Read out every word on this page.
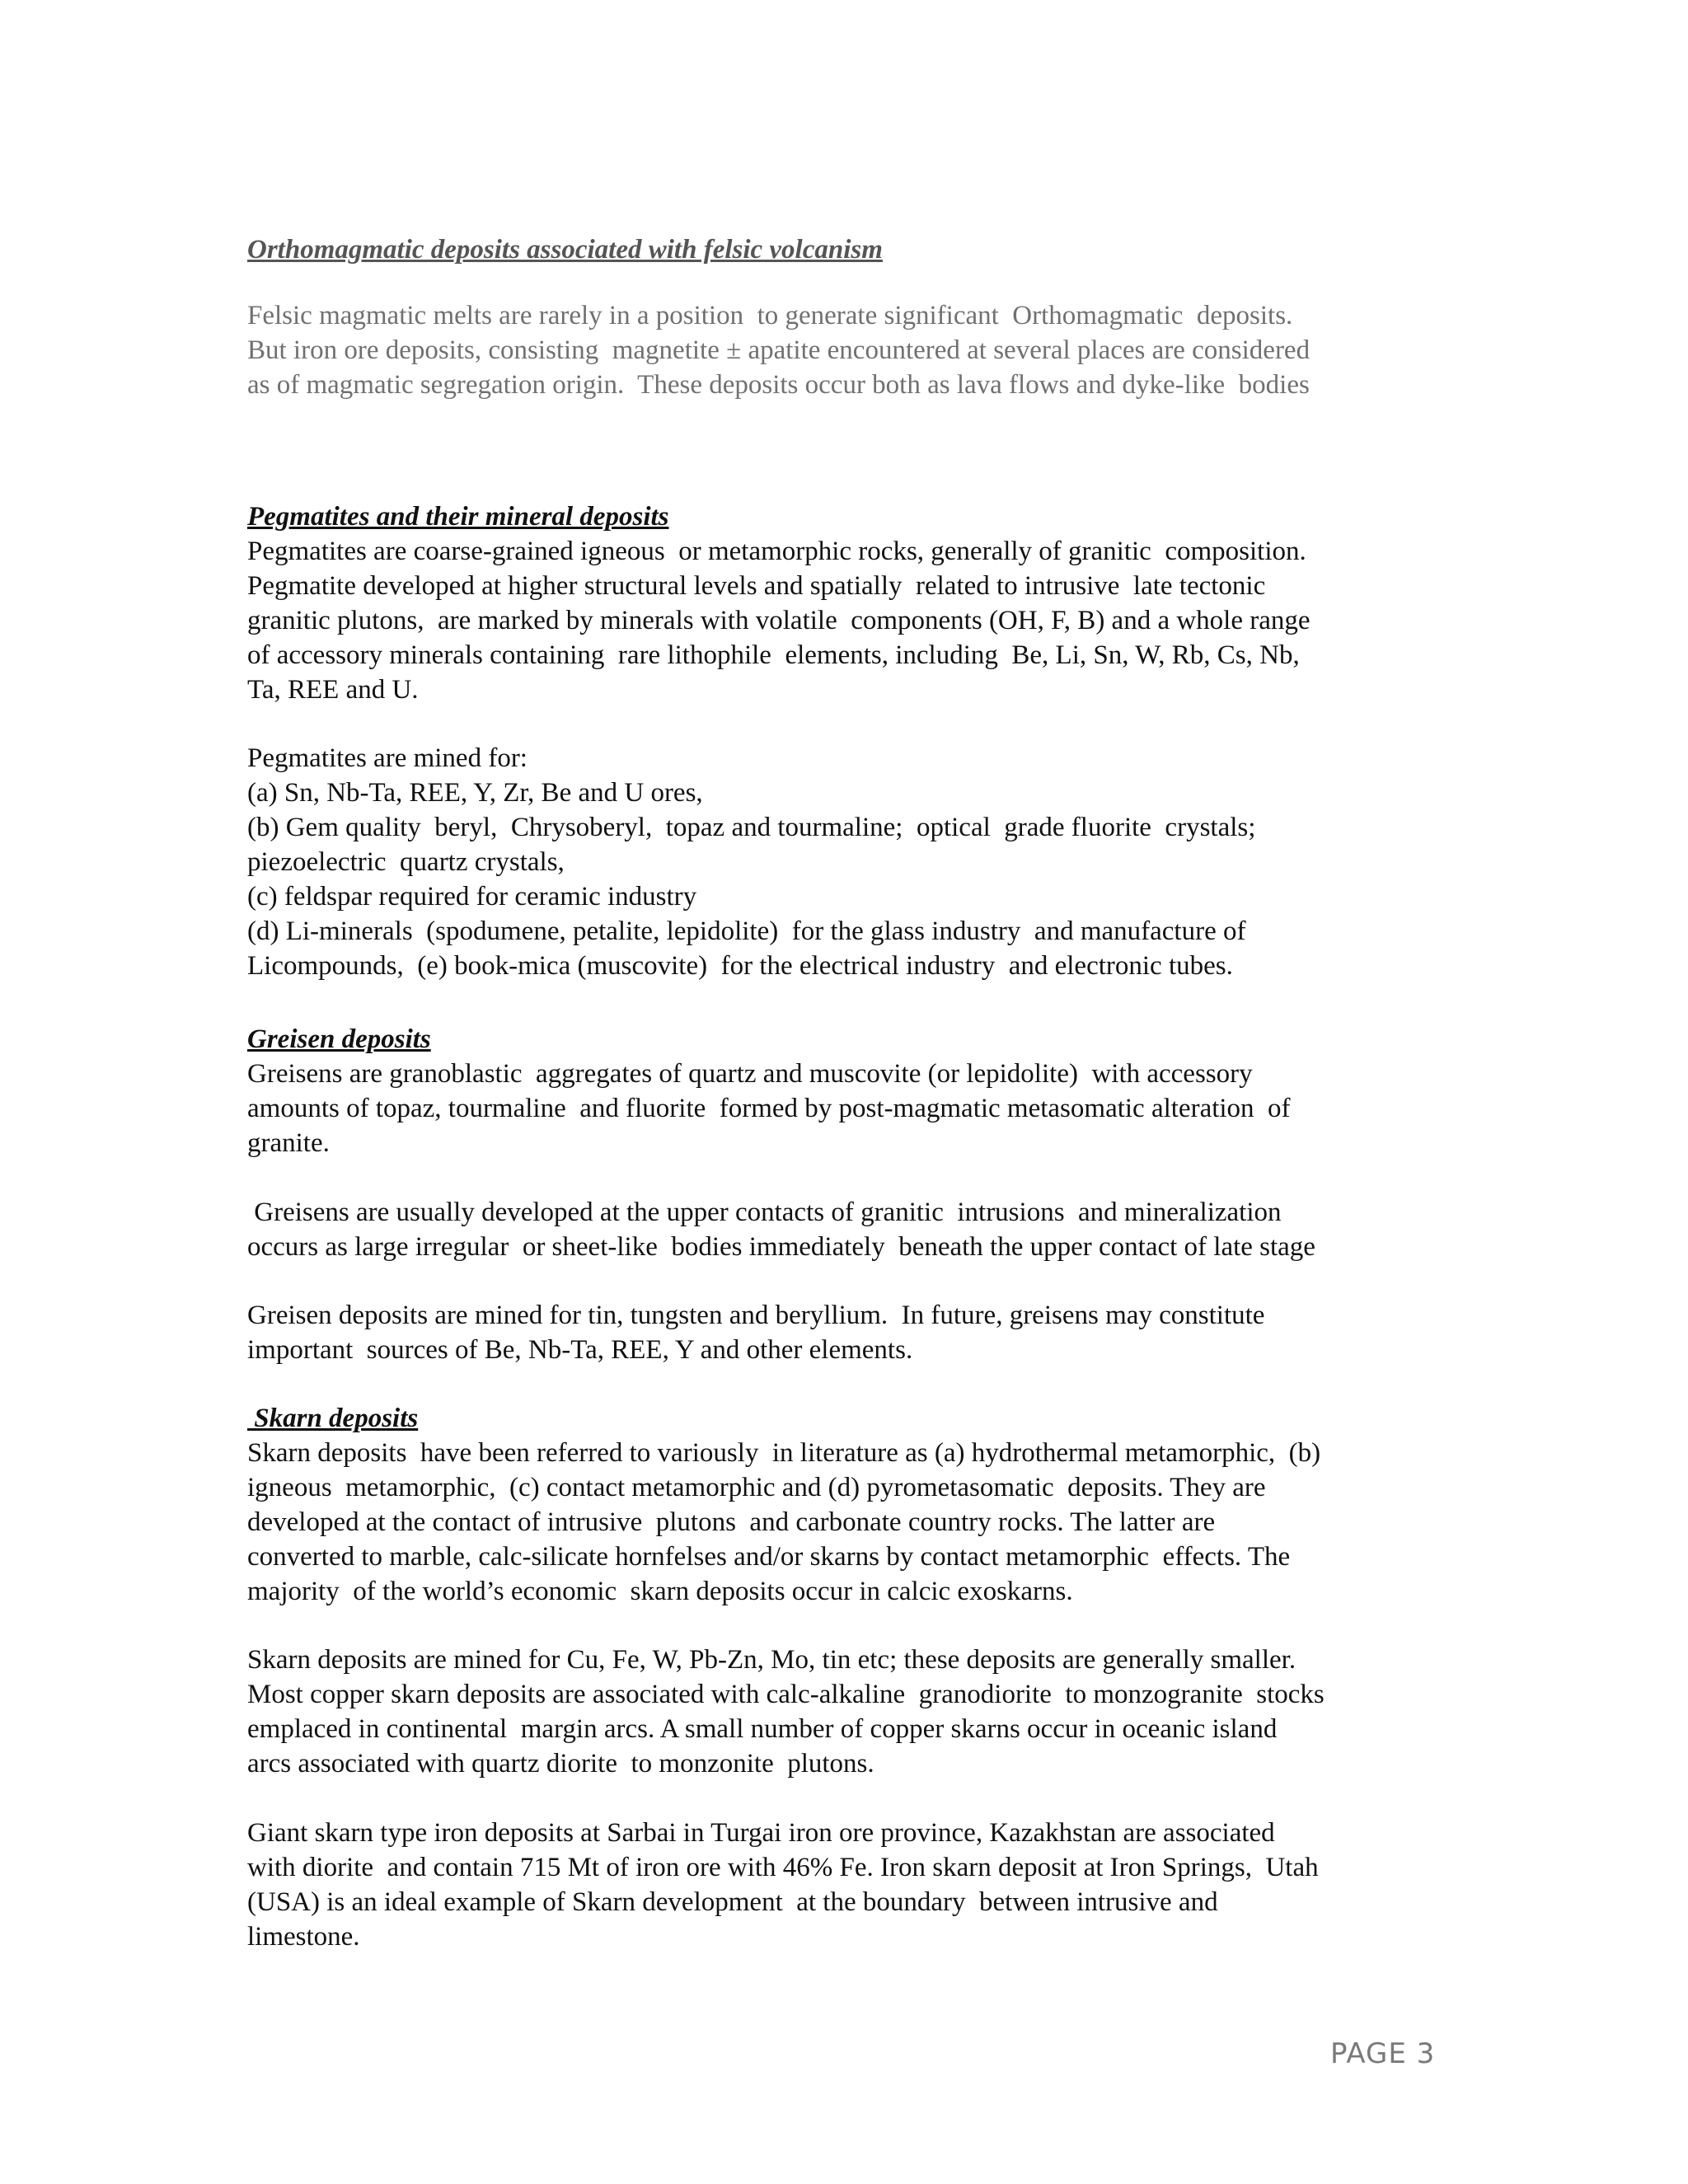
Orthomagmatic deposits associated with felsic volcanism
Felsic magmatic melts are rarely in a position  to generate significant  Orthomagmatic  deposits.
But iron ore deposits, consisting  magnetite ± apatite encountered at several places are considered
as of magmatic segregation origin.  These deposits occur both as lava flows and dyke-like  bodies
Pegmatites and their mineral deposits
Pegmatites are coarse-grained igneous  or metamorphic rocks, generally of granitic  composition.
Pegmatite developed at higher structural levels and spatially  related to intrusive  late tectonic
granitic plutons,  are marked by minerals with volatile  components (OH, F, B) and a whole range
of accessory minerals containing  rare lithophile  elements, including  Be, Li, Sn, W, Rb, Cs, Nb,
Ta, REE and U.
Pegmatites are mined for:
(a) Sn, Nb-Ta, REE, Y, Zr, Be and U ores,
(b) Gem quality  beryl,  Chrysoberyl,  topaz and tourmaline;  optical  grade fluorite  crystals;
piezoelectric  quartz crystals,
(c) feldspar required for ceramic industry
(d) Li-minerals  (spodumene, petalite, lepidolite)  for the glass industry  and manufacture of
Licompounds,  (e) book-mica (muscovite)  for the electrical industry  and electronic tubes.
Greisen deposits
Greisens are granoblastic  aggregates of quartz and muscovite (or lepidolite)  with accessory
amounts of topaz, tourmaline  and fluorite  formed by post-magmatic metasomatic alteration  of
granite.
Greisens are usually developed at the upper contacts of granitic  intrusions  and mineralization
occurs as large irregular  or sheet-like  bodies immediately  beneath the upper contact of late stage
Greisen deposits are mined for tin, tungsten and beryllium.  In future, greisens may constitute
important  sources of Be, Nb-Ta, REE, Y and other elements.
Skarn deposits
Skarn deposits  have been referred to variously  in literature as (a) hydrothermal metamorphic,  (b)
igneous  metamorphic,  (c) contact metamorphic and (d) pyrometasomatic  deposits. They are
developed at the contact of intrusive  plutons  and carbonate country rocks. The latter are
converted to marble, calc-silicate hornfelses and/or skarns by contact metamorphic  effects. The
majority  of the world’s economic  skarn deposits occur in calcic exoskarns.
Skarn deposits are mined for Cu, Fe, W, Pb-Zn, Mo, tin etc; these deposits are generally smaller.
Most copper skarn deposits are associated with calc-alkaline  granodiorite  to monzogranite  stocks
emplaced in continental  margin arcs. A small number of copper skarns occur in oceanic island
arcs associated with quartz diorite  to monzonite  plutons.
Giant skarn type iron deposits at Sarbai in Turgai iron ore province, Kazakhstan are associated
with diorite  and contain 715 Mt of iron ore with 46% Fe. Iron skarn deposit at Iron Springs,  Utah
(USA) is an ideal example of Skarn development  at the boundary  between intrusive and
limestone.
PAGE 3
